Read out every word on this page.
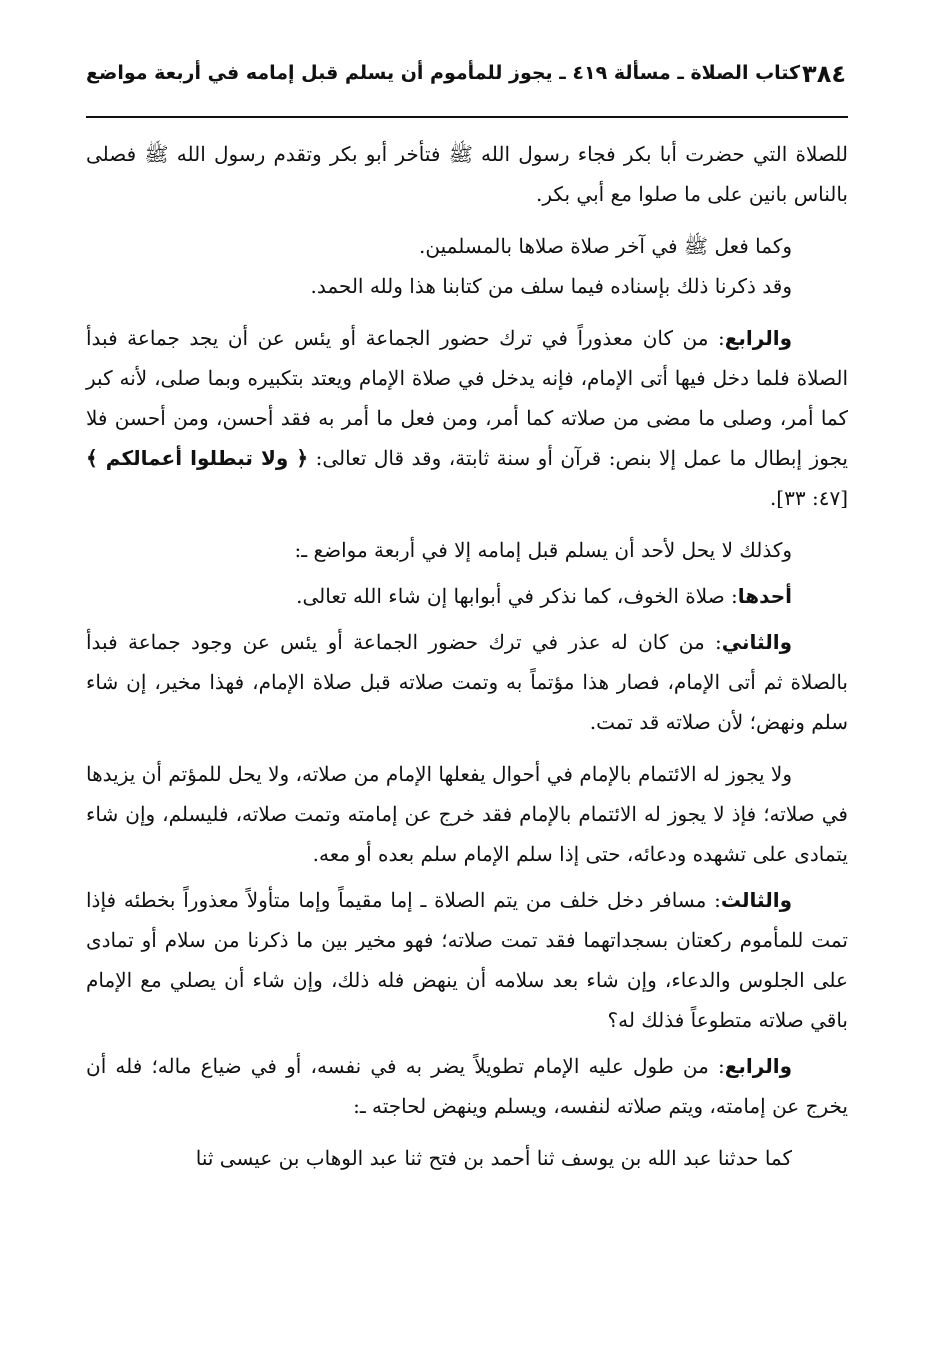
٣٨٤
كتاب الصلاة ـ مسألة ٤١٩ ـ يجوز للمأموم أن يسلم قبل إمامه في أربعة مواضع

للصلاة التي حضرت أبا بكر فجاء رسول الله ﷺ فتأخر أبو بكر وتقدم رسول الله ﷺ فصلى بالناس بانين على ما صلوا مع أبي بكر.

وكما فعل ﷺ في آخر صلاة صلاها بالمسلمين.

وقد ذكرنا ذلك بإسناده فيما سلف من كتابنا هذا ولله الحمد.

والرابع: من كان معذوراً في ترك حضور الجماعة أو يئس عن أن يجد جماعة فبدأ الصلاة فلما دخل فيها أتى الإمام، فإنه يدخل في صلاة الإمام ويعتد بتكبيره وبما صلى، لأنه كبر كما أمر، وصلى ما مضى من صلاته كما أمر، ومن فعل ما أمر به فقد أحسن، ومن أحسن فلا يجوز إبطال ما عمل إلا بنص: قرآن أو سنة ثابتة، وقد قال تعالى: ﴿ ولا تبطلوا أعمالكم ﴾ [٤٧: ٣٣].

وكذلك لا يحل لأحد أن يسلم قبل إمامه إلا في أربعة مواضع ـ:

أحدها: صلاة الخوف، كما نذكر في أبوابها إن شاء الله تعالى.

والثاني: من كان له عذر في ترك حضور الجماعة أو يئس عن وجود جماعة فبدأ بالصلاة ثم أتى الإمام، فصار هذا مؤتماً به وتمت صلاته قبل صلاة الإمام، فهذا مخير، إن شاء سلم ونهض؛ لأن صلاته قد تمت.

ولا يجوز له الائتمام بالإمام في أحوال يفعلها الإمام من صلاته، ولا يحل للمؤتم أن يزيدها في صلاته؛ فإذ لا يجوز له الائتمام بالإمام فقد خرج عن إمامته وتمت صلاته، فليسلم، وإن شاء يتمادى على تشهده ودعائه، حتى إذا سلم الإمام سلم بعده أو معه.

والثالث: مسافر دخل خلف من يتم الصلاة ـ إما مقيماً وإما متأولاً معذوراً بخطئه فإذا تمت للمأموم ركعتان بسجداتهما فقد تمت صلاته؛ فهو مخير بين ما ذكرنا من سلام أو تمادى على الجلوس والدعاء، وإن شاء بعد سلامه أن ينهض فله ذلك، وإن شاء أن يصلي مع الإمام باقي صلاته متطوعاً فذلك له؟

والرابع: من طول عليه الإمام تطويلاً يضر به في نفسه، أو في ضياع ماله؛ فله أن يخرج عن إمامته، ويتم صلاته لنفسه، ويسلم وينهض لحاجته ـ:

كما حدثنا عبد الله بن يوسف ثنا أحمد بن فتح ثنا عبد الوهاب بن عيسى ثنا
